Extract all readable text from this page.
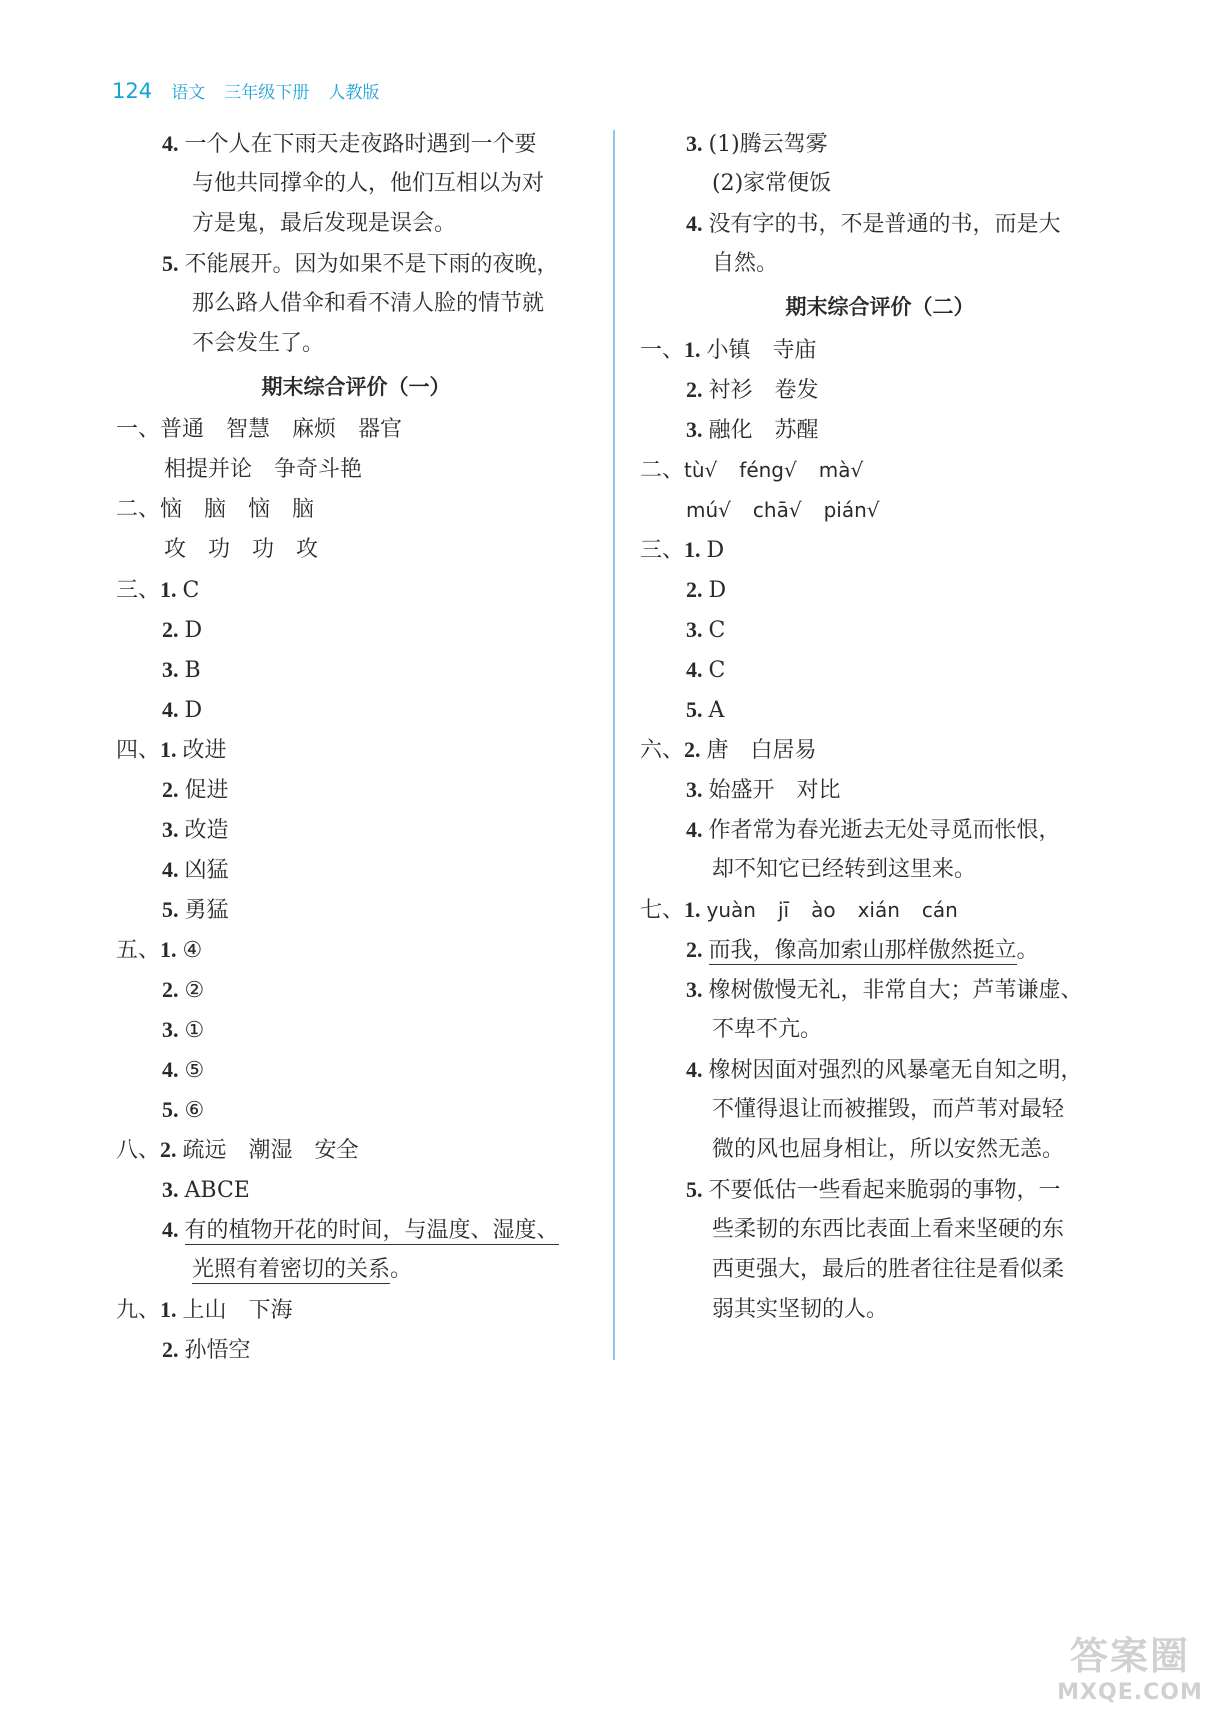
124 语文 三年级下册 人教版
4. 一个人在下雨天走夜路时遇到一个要
与他共同撑伞的人，他们互相以为对
方是鬼，最后发现是误会。
5. 不能展开。因为如果不是下雨的夜晚，
那么路人借伞和看不清人脸的情节就
不会发生了。
期末综合评价（一）
一、普通　智慧　麻烦　器官
相提并论　争奇斗艳
二、恼　脑　恼　脑
攻　功　功　攻
三、1. C
2. D
3. B
4. D
四、1. 改进
2. 促进
3. 改造
4. 凶猛
5. 勇猛
五、1. ④
2. ②
3. ①
4. ⑤
5. ⑥
八、2. 疏远　潮湿　安全
3. ABCE
4. 有的植物开花的时间，与温度、湿度、
光照有着密切的关系。
九、1. 上山　下海
2. 孙悟空
3. (1)腾云驾雾
(2)家常便饭
4. 没有字的书，不是普通的书，而是大
自然。
期末综合评价（二）
一、1. 小镇　寺庙
2. 衬衫　卷发
3. 融化　苏醒
二、tù√ féng√ mà√
mú√ chā√ pián√
三、1. D
2. D
3. C
4. C
5. A
六、2. 唐　白居易
3. 始盛开　对比
4. 作者常为春光逝去无处寻觅而怅恨，
却不知它已经转到这里来。
七、1. yuàn jī ào xián cán
2. 而我，像高加索山那样傲然挺立。
3. 橡树傲慢无礼，非常自大；芦苇谦虚、
不卑不亢。
4. 橡树因面对强烈的风暴毫无自知之明，
不懂得退让而被摧毁，而芦苇对最轻
微的风也屈身相让，所以安然无恙。
5. 不要低估一些看起来脆弱的事物，一
些柔韧的东西比表面上看来坚硬的东
西更强大，最后的胜者往往是看似柔
弱其实坚韧的人。
答案圈
MXQE.COM
